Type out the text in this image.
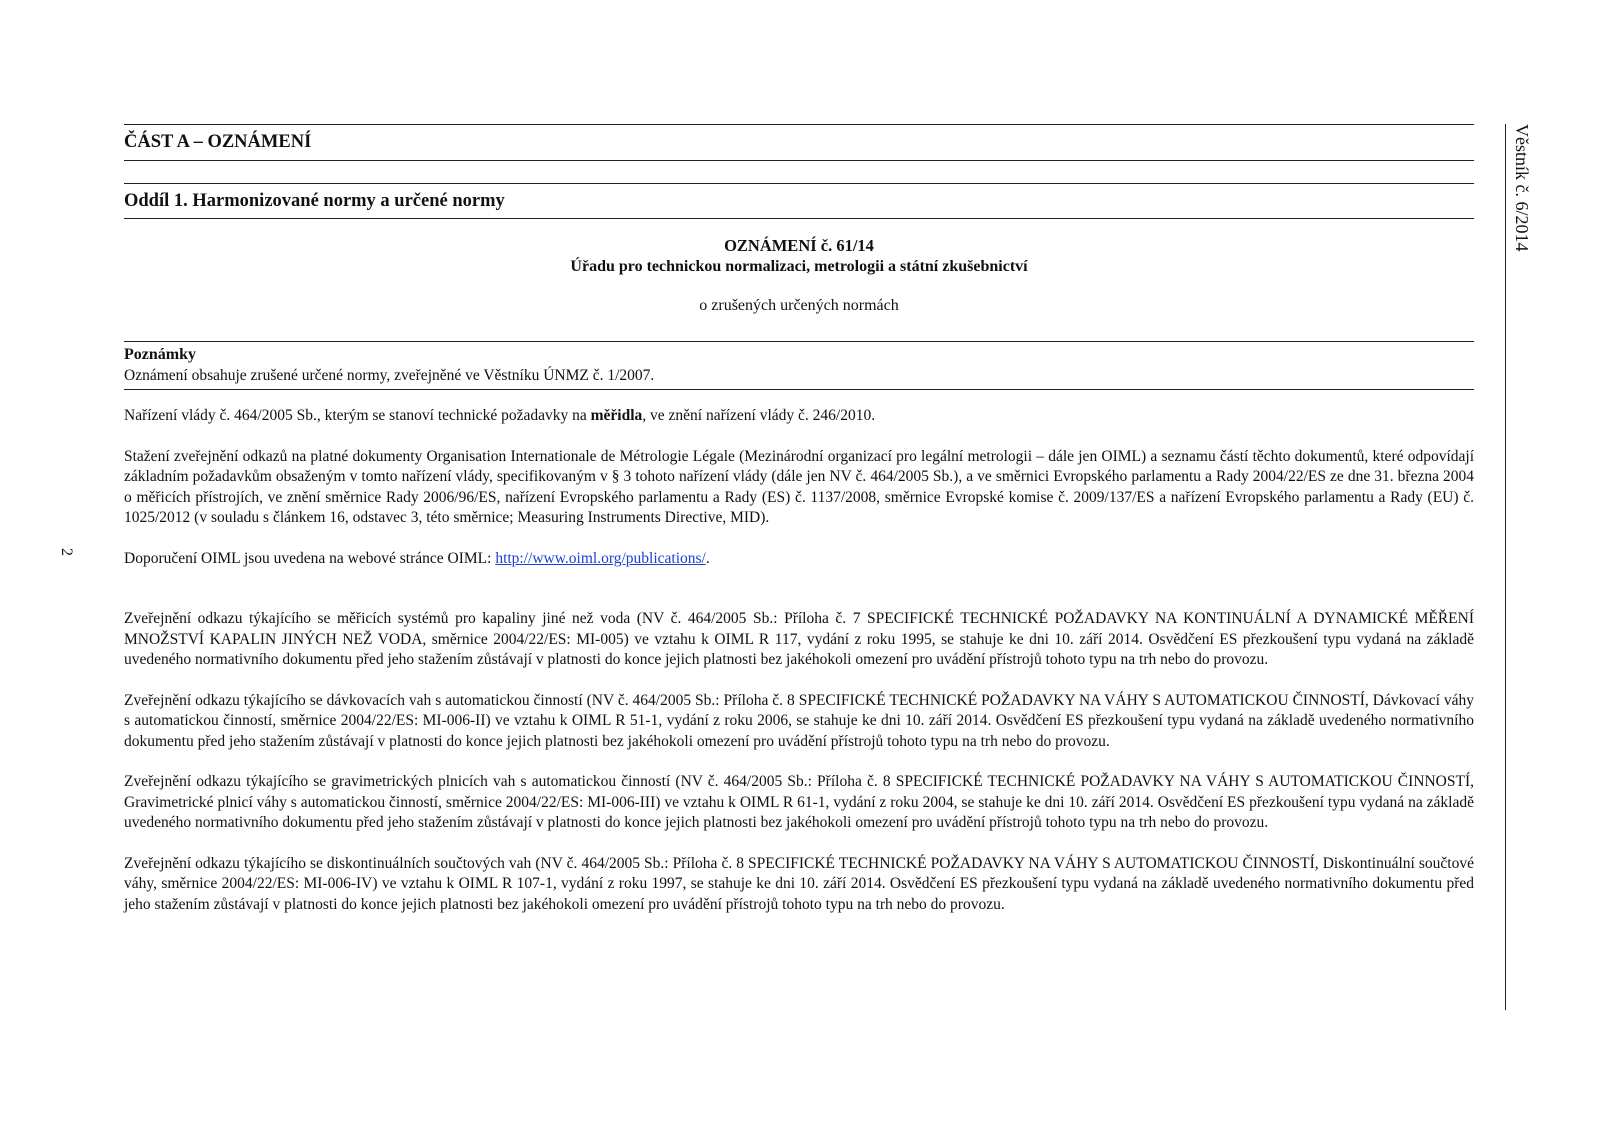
ČÁST A – OZNÁMENÍ
Oddíl 1. Harmonizované normy a určené normy
OZNÁMENÍ č. 61/14
Úřadu pro technickou normalizaci, metrologii a státní zkušebnictví
o zrušených určených normách
Poznámky
Oznámení obsahuje zrušené určené normy, zveřejněné ve Věstníku ÚNMZ č. 1/2007.

Nařízení vlády č. 464/2005 Sb., kterým se stanoví technické požadavky na měřidla, ve znění nařízení vlády č. 246/2010.

Stažení zveřejnění odkazů na platné dokumenty Organisation Internationale de Métrologie Légale (Mezinárodní organizací pro legální metrologii – dále jen OIML) a seznamu částí těchto dokumentů, které odpovídají základním požadavkům obsaženým v tomto nařízení vlády, specifikovaným v § 3 tohoto nařízení vlády (dále jen NV č. 464/2005 Sb.), a ve směrnici Evropského parlamentu a Rady 2004/22/ES ze dne 31. března 2004 o měřicích přístrojích, ve znění směrnice Rady 2006/96/ES, nařízení Evropského parlamentu a Rady (ES) č. 1137/2008, směrnice Evropské komise č. 2009/137/ES a nařízení Evropského parlamentu a Rady (EU) č. 1025/2012 (v souladu s článkem 16, odstavec 3, této směrnice; Measuring Instruments Directive, MID).

Doporučení OIML jsou uvedena na webové stránce OIML: http://www.oiml.org/publications/.

Zveřejnění odkazu týkajícího se měřicích systémů pro kapaliny jiné než voda (NV č. 464/2005 Sb.: Příloha č. 7 SPECIFICKÉ TECHNICKÉ POŽADAVKY NA KONTINUÁLNÍ A DYNAMICKÉ MĚŘENÍ MNOŽSTVÍ KAPALIN JINÝCH NEŽ VODA, směrnice 2004/22/ES: MI-005) ve vztahu k OIML R 117, vydání z roku 1995, se stahuje ke dni 10. září 2014. Osvědčení ES přezkoušení typu vydaná na základě uvedeného normativního dokumentu před jeho stažením zůstávají v platnosti do konce jejich platnosti bez jakéhokoli omezení pro uvádění přístrojů tohoto typu na trh nebo do provozu.

Zveřejnění odkazu týkajícího se dávkovacích vah s automatickou činností (NV č. 464/2005 Sb.: Příloha č. 8 SPECIFICKÉ TECHNICKÉ POŽADAVKY NA VÁHY S AUTOMATICKOU ČINNOSTÍ, Dávkovací váhy s automatickou činností, směrnice 2004/22/ES: MI-006-II) ve vztahu k OIML R 51-1, vydání z roku 2006, se stahuje ke dni 10. září 2014. Osvědčení ES přezkoušení typu vydaná na základě uvedeného normativního dokumentu před jeho stažením zůstávají v platnosti do konce jejich platnosti bez jakéhokoli omezení pro uvádění přístrojů tohoto typu na trh nebo do provozu.

Zveřejnění odkazu týkajícího se gravimetrických plnicích vah s automatickou činností (NV č. 464/2005 Sb.: Příloha č. 8 SPECIFICKÉ TECHNICKÉ POŽADAVKY NA VÁHY S AUTOMATICKOU ČINNOSTÍ, Gravimetrické plnicí váhy s automatickou činností, směrnice 2004/22/ES: MI-006-III) ve vztahu k OIML R 61-1, vydání z roku 2004, se stahuje ke dni 10. září 2014. Osvědčení ES přezkoušení typu vydaná na základě uvedeného normativního dokumentu před jeho stažením zůstávají v platnosti do konce jejich platnosti bez jakéhokoli omezení pro uvádění přístrojů tohoto typu na trh nebo do provozu.

Zveřejnění odkazu týkajícího se diskontinuálních součtových vah (NV č. 464/2005 Sb.: Příloha č. 8 SPECIFICKÉ TECHNICKÉ POŽADAVKY NA VÁHY S AUTOMATICKOU ČINNOSTÍ, Diskontinuální součtové váhy, směrnice 2004/22/ES: MI-006-IV) ve vztahu k OIML R 107-1, vydání z roku 1997, se stahuje ke dni 10. září 2014. Osvědčení ES přezkoušení typu vydaná na základě uvedeného normativního dokumentu před jeho stažením zůstávají v platnosti do konce jejich platnosti bez jakéhokoli omezení pro uvádění přístrojů tohoto typu na trh nebo do provozu.

Věstník č. 6/2014
2
